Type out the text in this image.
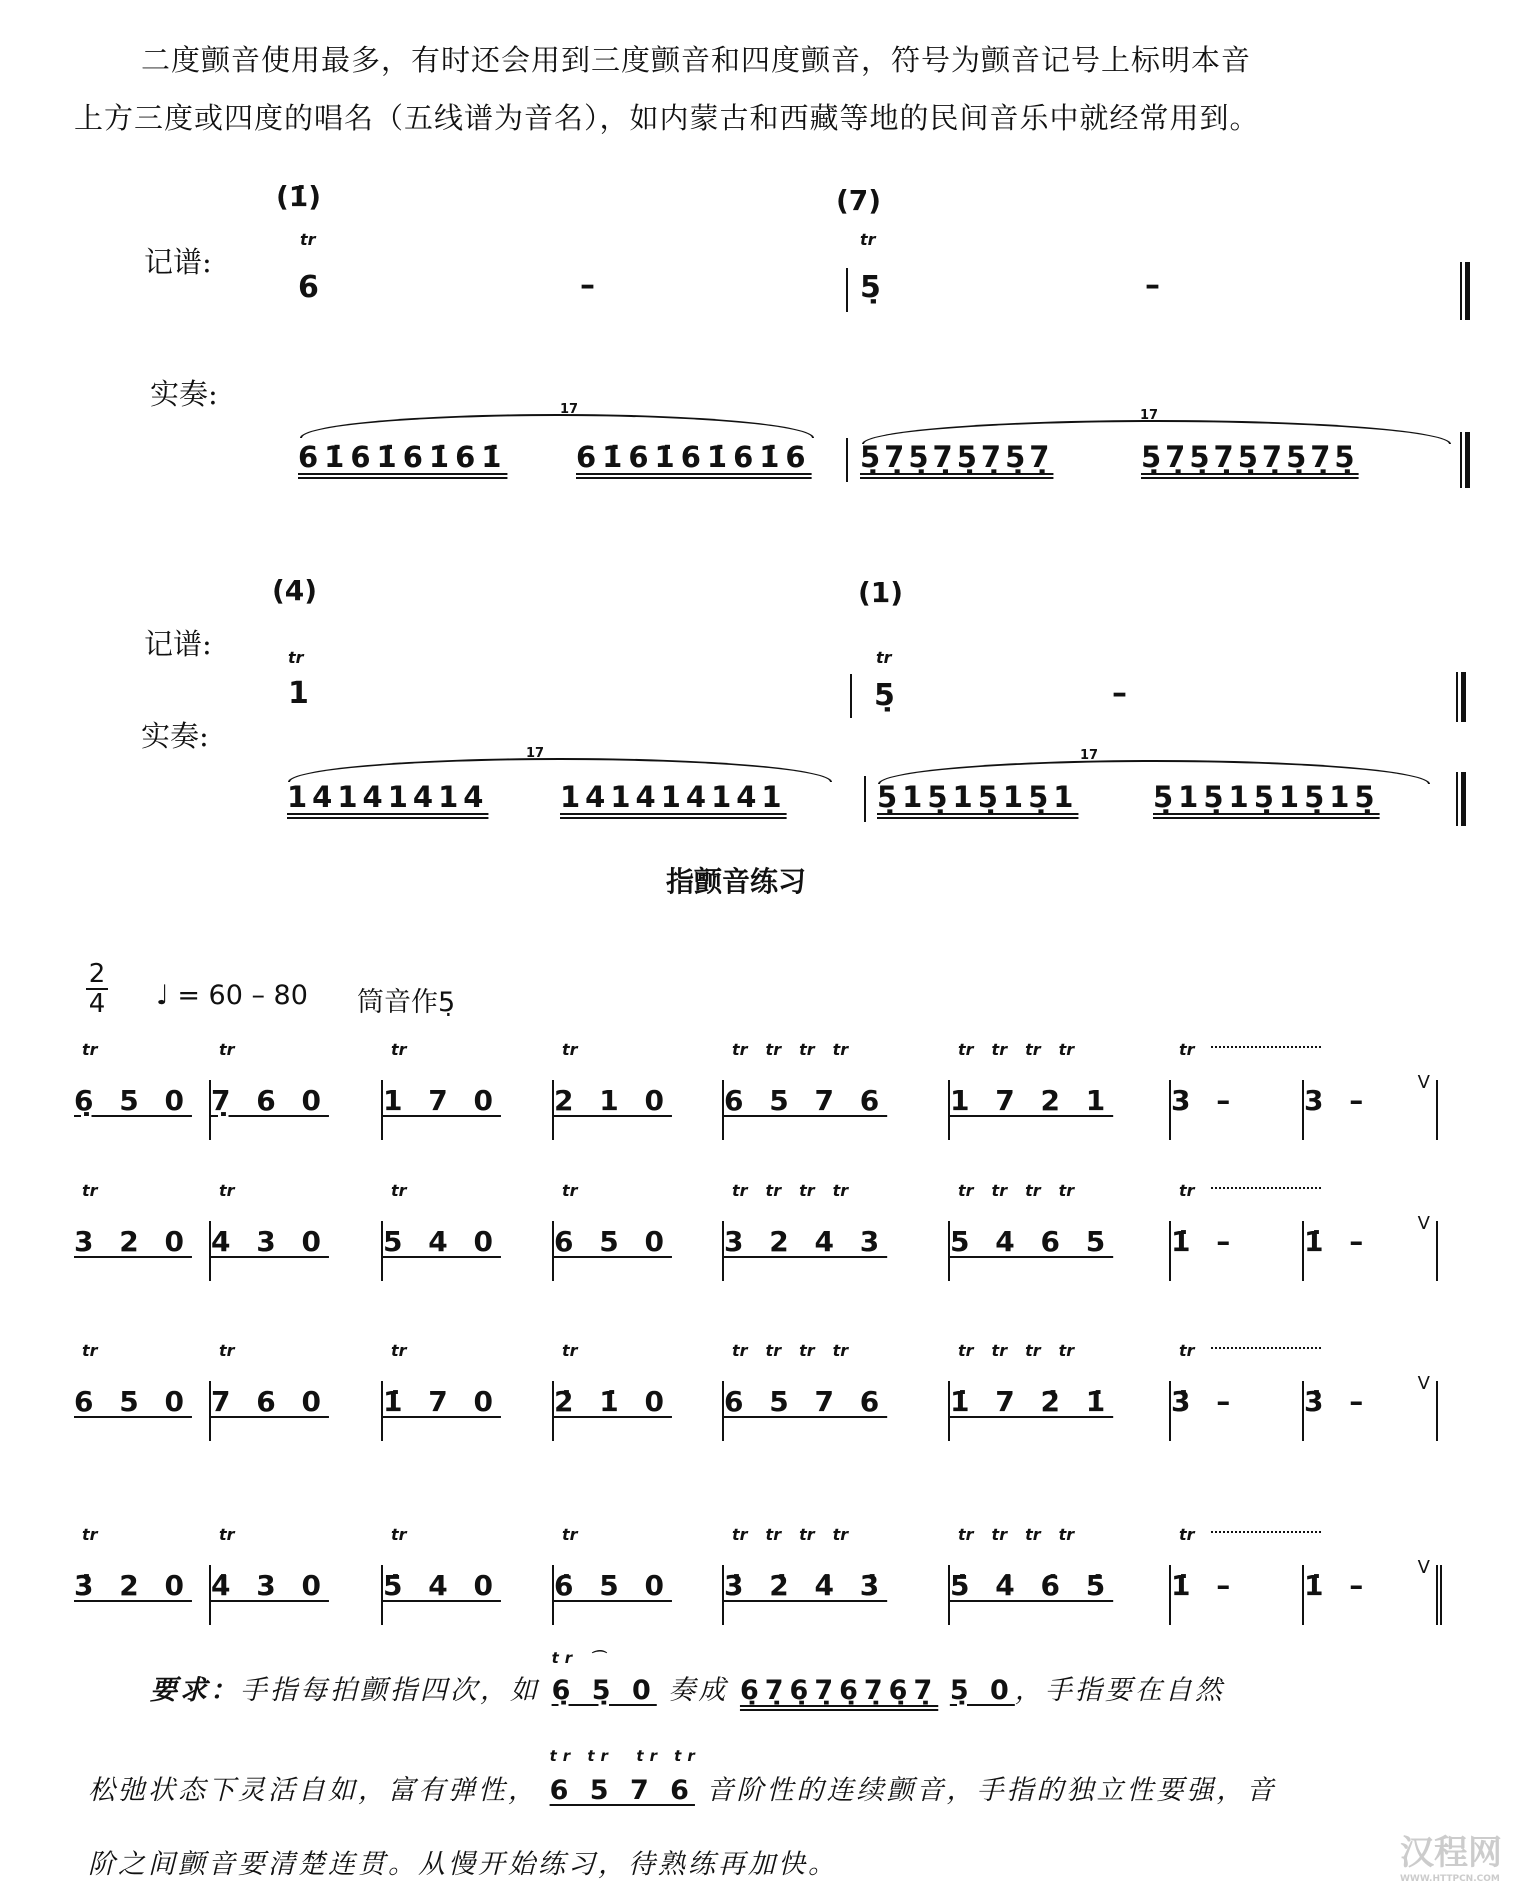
二度颤音使用最多，有时还会用到三度颤音和四度颤音，符号为颤音记号上标明本音
上方三度或四度的唱名（五线谱为音名），如内蒙古和西藏等地的民间音乐中就经常用到。
(1̇)	(7)
tr	tr
记谱:
6	–	5̣	–
实奏:	17
61̇61̇61̇61̇ 61̇61̇61̇61̇6
17
5̣7̣5̣7̣5̣7̣5̣7̣	5̣7̣5̣7̣5̣7̣5̣7̣5̣
(4)	(1)
记谱:	tr	tr
1	5̣	–
实奏:
17
14141414 141414141
17
5̣15̣15̣15̣1	5̣15̣15̣15̣15̣
指颤音练习
2
4 ♩ = 60 – 80 筒音作5̣
tr
6̣ 5 0
tr
7̣ 6 0
tr
1 7 0
tr
2 1 0
tr tr tr tr
6 5 7 6
tr tr tr tr
1 7 2 1
tr
3 – 3 –
V
tr
3 2 0
tr
4 3 0
tr
5 4 0
tr
6 5 0
tr tr tr tr
3 2 4 3
tr tr tr tr
5 4 6 5
tr
1̇ – 1̇ –
V
tr
6 5 0
tr
7 6 0
tr
1̇ 7 0
tr
2̇ 1̇ 0
tr tr tr tr
6 5 7 6
tr tr tr tr
1̇ 7 2̇ 1̇
tr
3̇ – 3̇ –
V
tr
3̇ 2 0
tr
4̇ 3 0
tr
5̇ 4 0
tr
6̇ 5 0
tr tr tr tr
3̇ 2̇ 4̇ 3̇
tr tr tr tr
5̇ 4̇ 6̇ 5̇
tr
1̇ – 1̇ –
V
要求：手指每拍颤指四次，如
tr ⌒
6̣ 5̣ 0 奏成 6̣7̣6̣7̣6̣7̣6̣7̣ 5̣ 0，手指要在自然
松弛状态下灵活自如，富有弹性，
tr tr  tr tr
6 5 7 6 音阶性的连续颤音，手指的独立性要强，音
阶之间颤音要清楚连贯。从慢开始练习，待熟练再加快。	汉程网
WWW.HTTPCN.COM
